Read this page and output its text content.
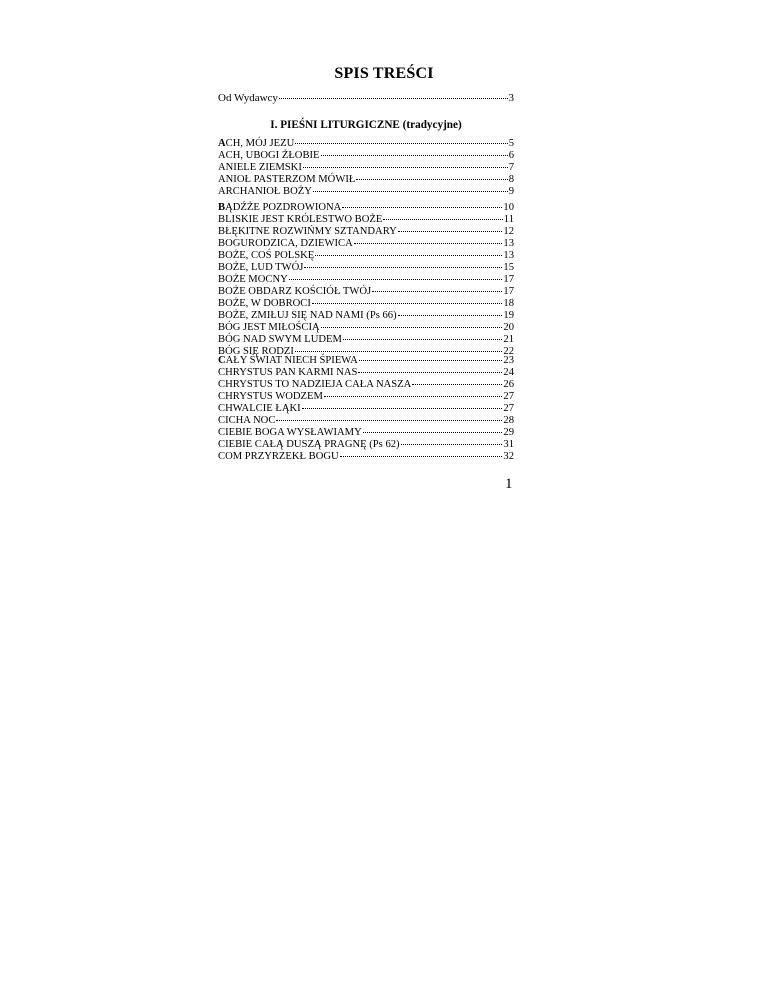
SPIS TREŚCI
Od Wydawcy	3
I. PIEŚNI LITURGICZNE (tradycyjne)
ACH, MÓJ JEZU	5
ACH, UBOGI ŻŁOBIE	6
ANIELE ZIEMSKI	7
ANIOŁ PASTERZOM MÓWIŁ	8
ARCHANIOŁ BOŻY	9
BĄDŹŻE POZDROWIONA	10
BLISKIE JEST KRÓLESTWO BOŻE	11
BŁĘKITNE ROZWIŃMY SZTANDARY	12
BOGURODZICA, DZIEWICA	13
BOŻE, COŚ POLSKĘ	13
BOŻE, LUD TWÓJ	15
BOŻE MOCNY	17
BOŻE OBDARZ KOŚCIÓŁ TWÓJ	17
BOŻE, W DOBROCI	18
BOŻE, ZMIŁUJ SIĘ NAD NAMI (Ps 66)	19
BÓG JEST MIŁOŚCIĄ	20
BÓG NAD SWYM LUDEM	21
BÓG SIĘ RODZI	22
CAŁY ŚWIAT NIECH ŚPIEWA	23
CHRYSTUS PAN KARMI NAS	24
CHRYSTUS TO NADZIEJA CAŁA NASZA	26
CHRYSTUS WODZEM	27
CHWALCIE ŁĄKI	27
CICHA NOC	28
CIEBIE BOGA WYSŁAWIAMY	29
CIEBIE CAŁĄ DUSZĄ PRAGNĘ (Ps 62)	31
COM PRZYRZEKŁ BOGU	32
1
